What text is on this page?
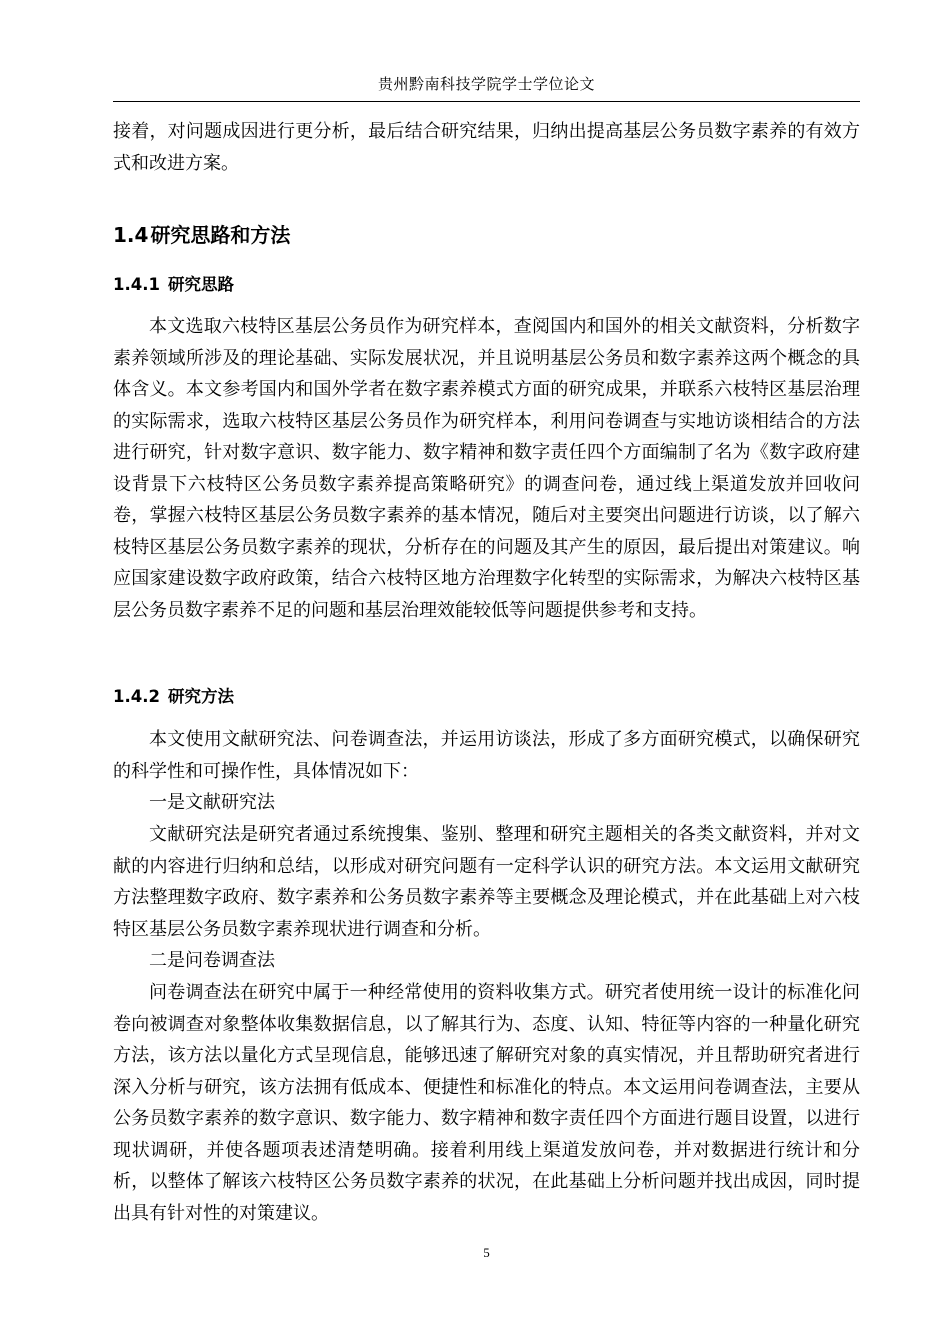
贵州黔南科技学院学士学位论文

接着，对问题成因进行更分析，最后结合研究结果，归纳出提高基层公务员数字素养的有效方式和改进方案。

1.4 研究思路和方法
1.4.1 研究思路

本文选取六枝特区基层公务员作为研究样本，查阅国内和国外的相关文献资料，分析数字素养领域所涉及的理论基础、实际发展状况，并且说明基层公务员和数字素养这两个概念的具体含义。本文参考国内和国外学者在数字素养模式方面的研究成果，并联系六枝特区基层治理的实际需求，选取六枝特区基层公务员作为研究样本，利用问卷调查与实地访谈相结合的方法进行研究，针对数字意识、数字能力、数字精神和数字责任四个方面编制了名为《数字政府建设背景下六枝特区公务员数字素养提高策略研究》的调查问卷，通过线上渠道发放并回收问卷，掌握六枝特区基层公务员数字素养的基本情况，随后对主要突出问题进行访谈，以了解六枝特区基层公务员数字素养的现状，分析存在的问题及其产生的原因，最后提出对策建议。响应国家建设数字政府政策，结合六枝特区地方治理数字化转型的实际需求，为解决六枝特区基层公务员数字素养不足的问题和基层治理效能较低等问题提供参考和支持。

1.4.2 研究方法

本文使用文献研究法、问卷调查法，并运用访谈法，形成了多方面研究模式，以确保研究的科学性和可操作性，具体情况如下：

一是文献研究法

文献研究法是研究者通过系统搜集、鉴别、整理和研究主题相关的各类文献资料，并对文献的内容进行归纳和总结，以形成对研究问题有一定科学认识的研究方法。本文运用文献研究方法整理数字政府、数字素养和公务员数字素养等主要概念及理论模式，并在此基础上对六枝特区基层公务员数字素养现状进行调查和分析。

二是问卷调查法

问卷调查法在研究中属于一种经常使用的资料收集方式。研究者使用统一设计的标准化问卷向被调查对象整体收集数据信息，以了解其行为、态度、认知、特征等内容的一种量化研究方法，该方法以量化方式呈现信息，能够迅速了解研究对象的真实情况，并且帮助研究者进行深入分析与研究，该方法拥有低成本、便捷性和标准化的特点。本文运用问卷调查法，主要从公务员数字素养的数字意识、数字能力、数字精神和数字责任四个方面进行题目设置，以进行现状调研，并使各题项表述清楚明确。接着利用线上渠道发放问卷，并对数据进行统计和分析，以整体了解该六枝特区公务员数字素养的状况，在此基础上分析问题并找出成因，同时提出具有针对性的对策建议。

5
